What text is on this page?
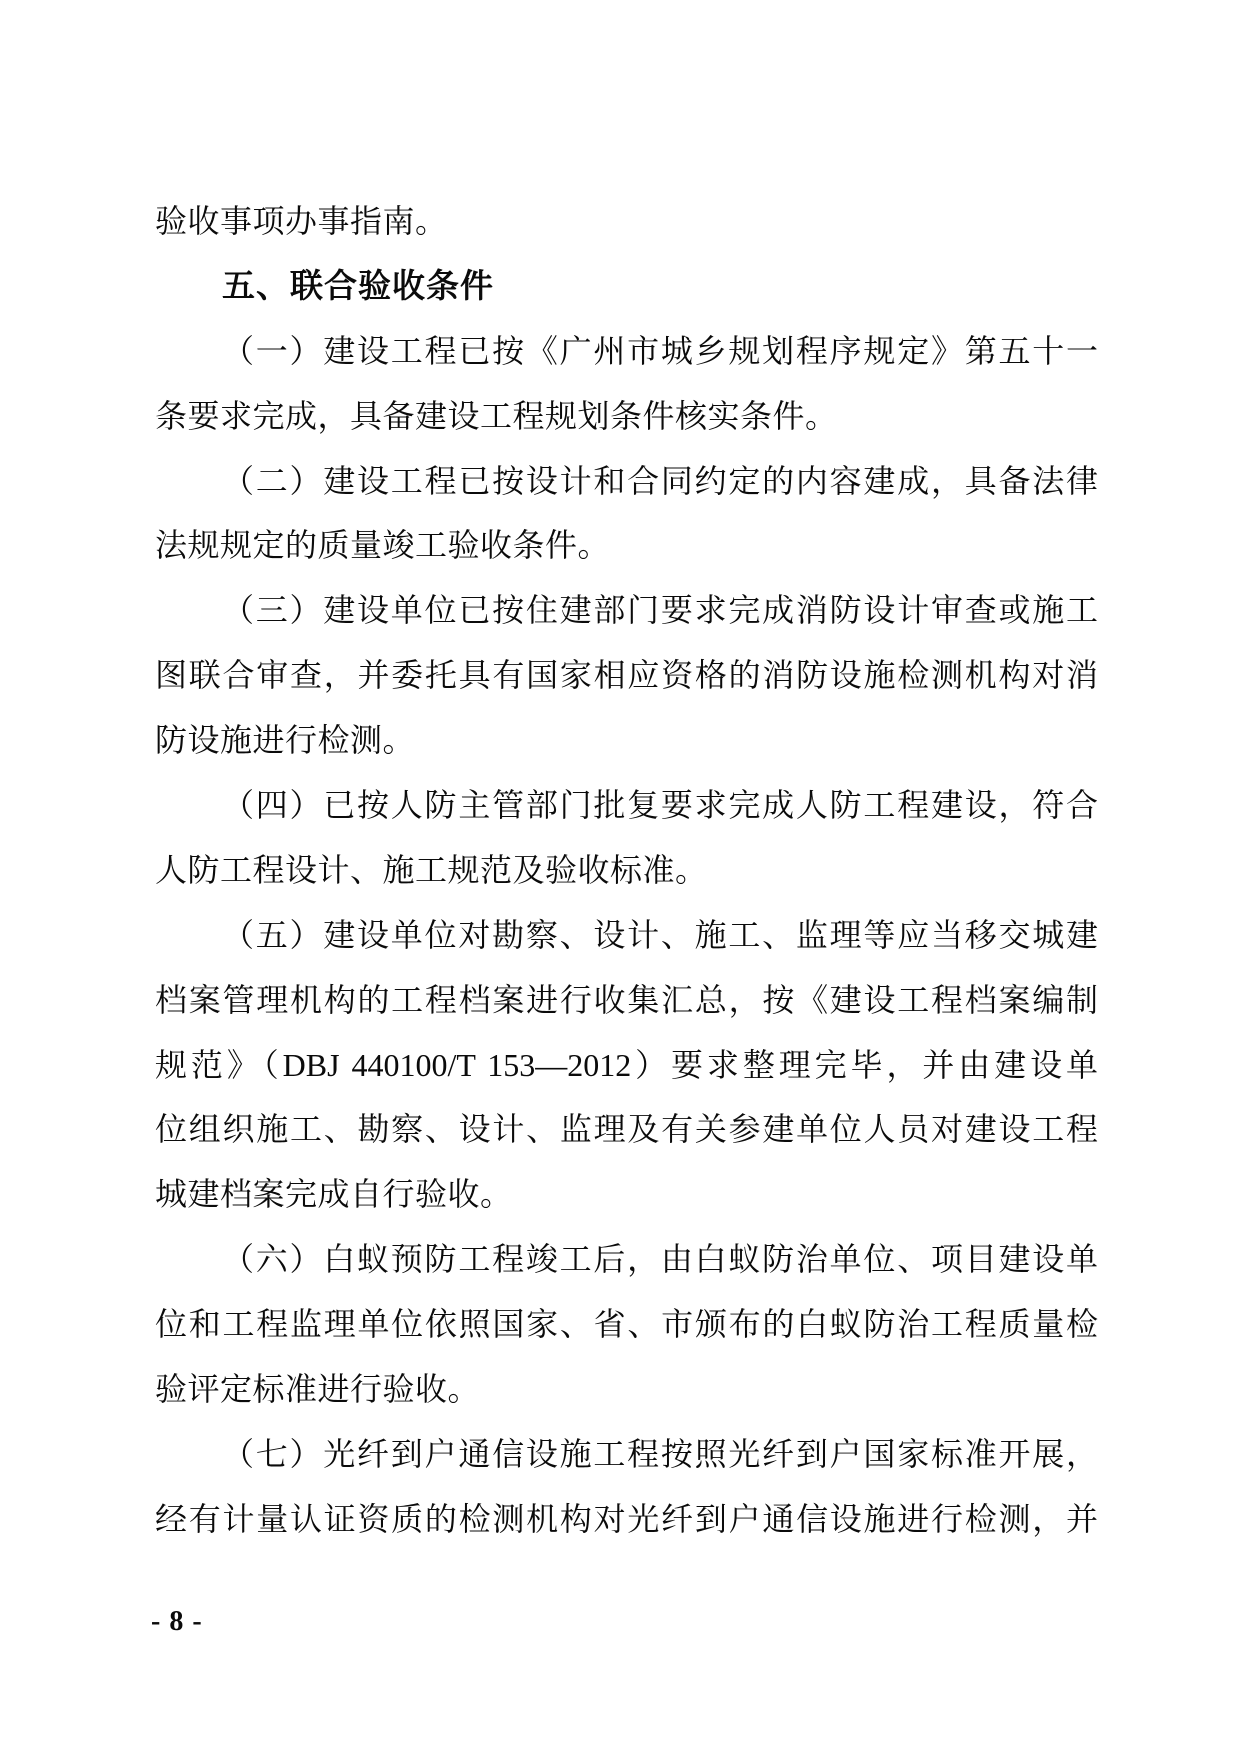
验收事项办事指南。
五、联合验收条件
（一）建设工程已按《广州市城乡规划程序规定》第五十一
条要求完成，具备建设工程规划条件核实条件。
（二）建设工程已按设计和合同约定的内容建成，具备法律
法规规定的质量竣工验收条件。
（三）建设单位已按住建部门要求完成消防设计审查或施工
图联合审查，并委托具有国家相应资格的消防设施检测机构对消
防设施进行检测。
（四）已按人防主管部门批复要求完成人防工程建设，符合
人防工程设计、施工规范及验收标准。
（五）建设单位对勘察、设计、施工、监理等应当移交城建
档案管理机构的工程档案进行收集汇总，按《建设工程档案编制
规范》（DBJ 440100/T 153—2012）要求整理完毕，并由建设单
位组织施工、勘察、设计、监理及有关参建单位人员对建设工程
城建档案完成自行验收。
（六）白蚁预防工程竣工后，由白蚁防治单位、项目建设单
位和工程监理单位依照国家、省、市颁布的白蚁防治工程质量检
验评定标准进行验收。
（七）光纤到户通信设施工程按照光纤到户国家标准开展，
经有计量认证资质的检测机构对光纤到户通信设施进行检测，并
- 8 -
